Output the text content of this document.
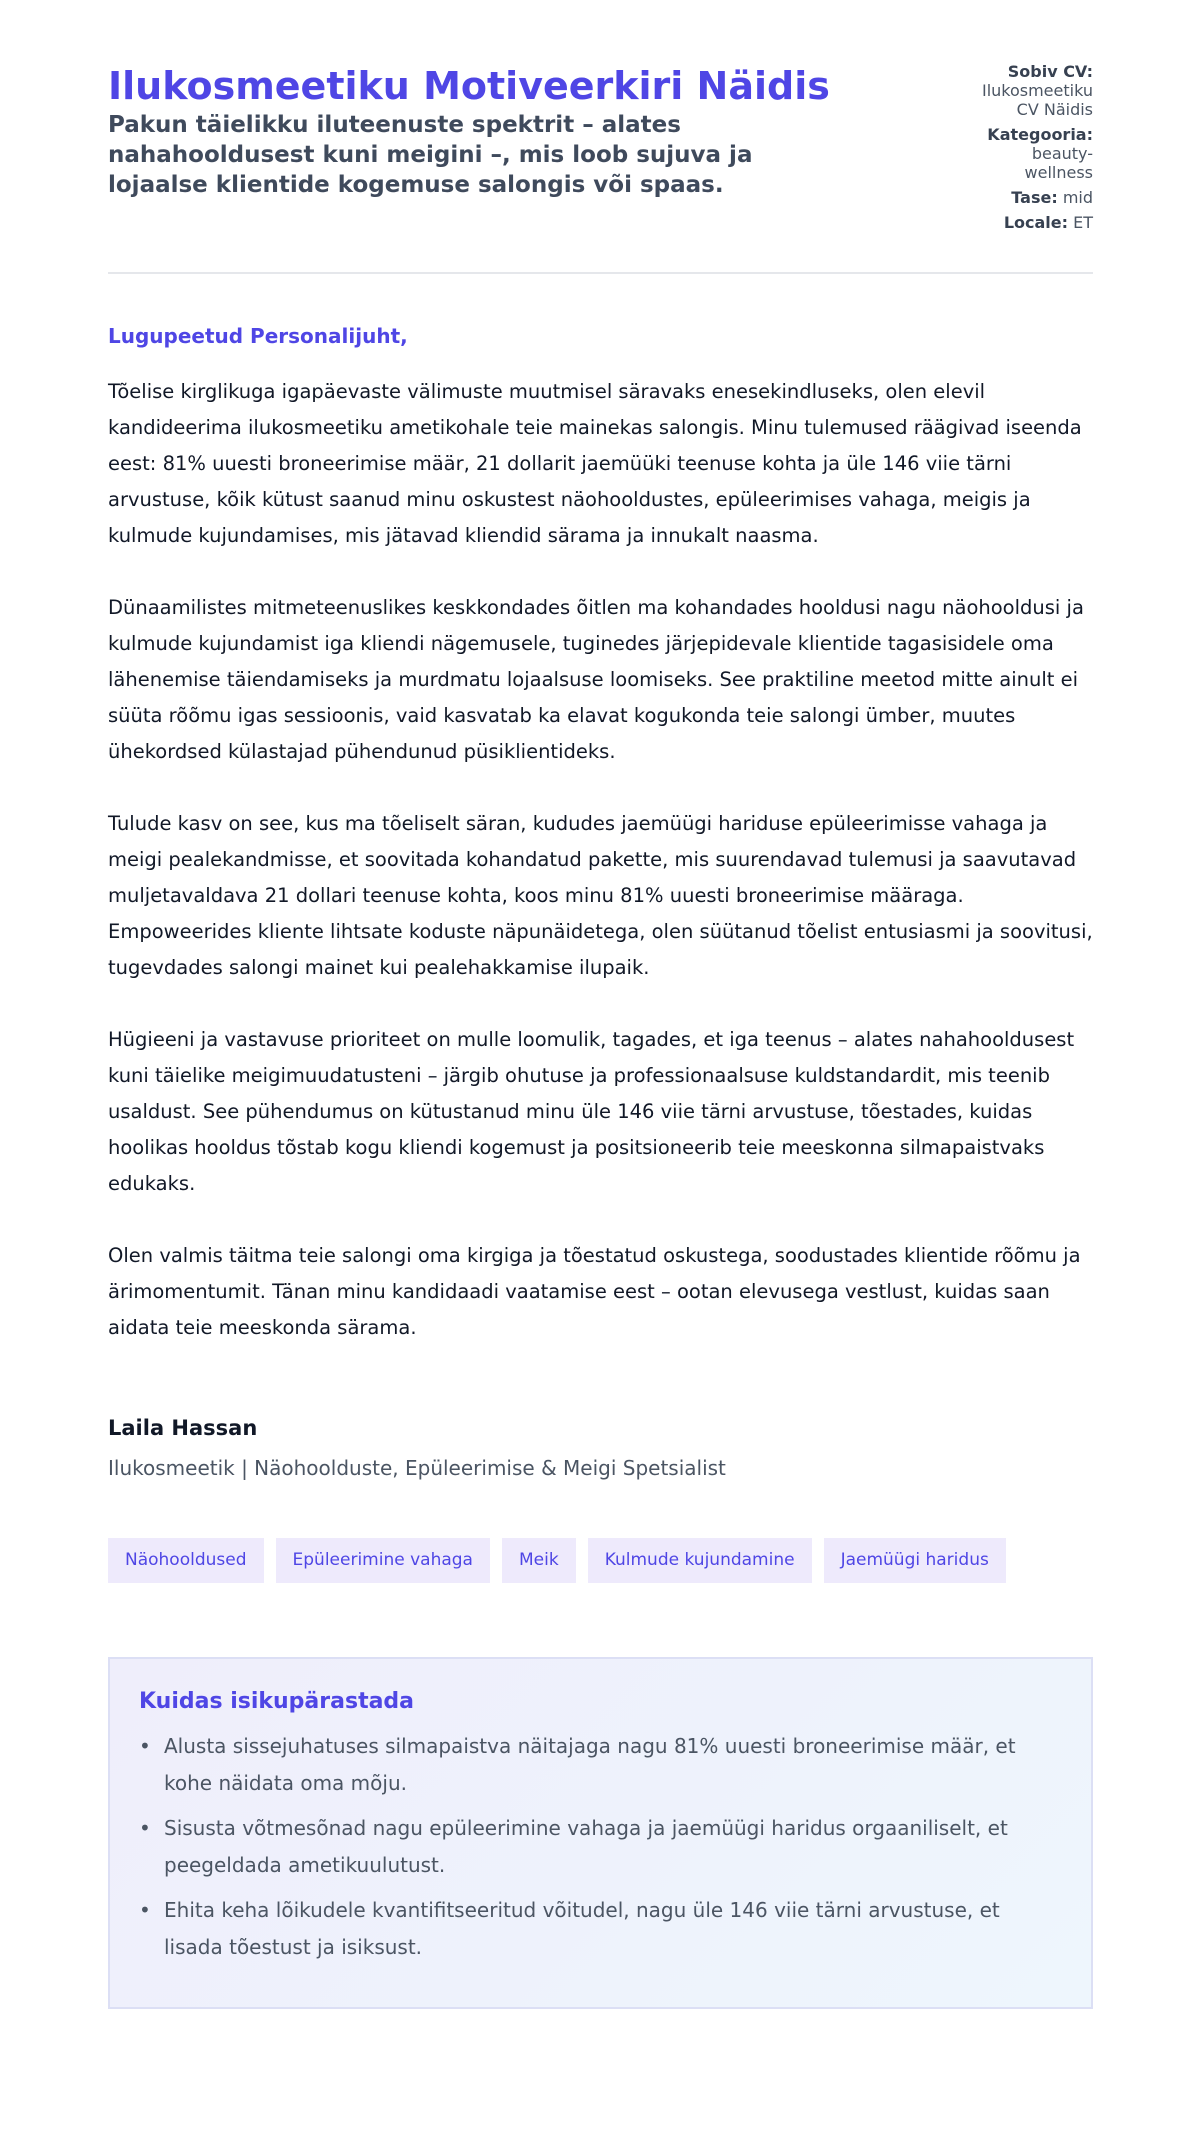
Ilukosmeetiku Motiveerkiri Näidis
Pakun täielikku iluteenuste spektrit – alates nahahooldusest kuni meigini –, mis loob sujuva ja lojaalse klientide kogemuse salongis või spaas.
Sobiv CV:
Ilukosmeetiku CV Näidis
Kategooria:
beauty-wellness
Tase: mid
Locale: ET
Lugupeetud Personalijuht,

Tõelise kirglikuga igapäevaste välimuste muutmisel säravaks enesekindluseks, olen elevil kandideerima ilukosmeetiku ametikohale teie mainekas salongis. Minu tulemused räägivad iseenda eest: 81% uuesti broneerimise määr, 21 dollarit jaemüüki teenuse kohta ja üle 146 viie tärni arvustuse, kõik kütust saanud minu oskustest näohooldustes, epüleerimises vahaga, meigis ja kulmude kujundamises, mis jätavad kliendid särama ja innukalt naasma.

Dünaamilistes mitmeteenuslikes keskkondades õitlen ma kohandades hooldusi nagu näohooldusi ja kulmude kujundamist iga kliendi nägemusele, tuginedes järjepidevale klientide tagasisidele oma lähenemise täiendamiseks ja murdmatu lojaalsuse loomiseks. See praktiline meetod mitte ainult ei süüta rõõmu igas sessioonis, vaid kasvatab ka elavat kogukonda teie salongi ümber, muutes ühekordsed külastajad pühendunud püsiklientideks.

Tulude kasv on see, kus ma tõeliselt säran, kududes jaemüügi hariduse epüleerimisse vahaga ja meigi pealekandmisse, et soovitada kohandatud pakette, mis suurendavad tulemusi ja saavutavad muljetavaldava 21 dollari teenuse kohta, koos minu 81% uuesti broneerimise määraga. Empoweerides kliente lihtsate koduste näpunäidetega, olen süütanud tõelist entusiasmi ja soovitusi, tugevdades salongi mainet kui pealehakkamise ilupaik.

Hügieeni ja vastavuse prioriteet on mulle loomulik, tagades, et iga teenus – alates nahahooldusest kuni täielike meigimuudatusteni – järgib ohutuse ja professionaalsuse kuldstandardit, mis teenib usaldust. See pühendumus on kütustanud minu üle 146 viie tärni arvustuse, tõestades, kuidas hoolikas hooldus tõstab kogu kliendi kogemust ja positsioneerib teie meeskonna silmapaistvaks edukaks.

Olen valmis täitma teie salongi oma kirgiga ja tõestatud oskustega, soodustades klientide rõõmu ja ärimomentumit. Tänan minu kandidaadi vaatamise eest – ootan elevusega vestlust, kuidas saan aidata teie meeskonda särama.

Laila Hassan
Ilukosmeetik | Näohoolduste, Epüleerimise & Meigi Spetsialist
Näohooldused	Epüleerimine vahaga	Meik	Kulmude kujundamine	Jaemüügi haridus
Kuidas isikupärastada
• Alusta sissejuhatuses silmapaistva näitajaga nagu 81% uuesti broneerimise määr, et kohe näidata oma mõju.
• Sisusta võtmesõnad nagu epüleerimine vahaga ja jaemüügi haridus orgaaniliselt, et peegeldada ametikuulutust.
• Ehita keha lõikudele kvantifitseeritud võitudel, nagu üle 146 viie tärni arvustuse, et lisada tõestust ja isiksust.
